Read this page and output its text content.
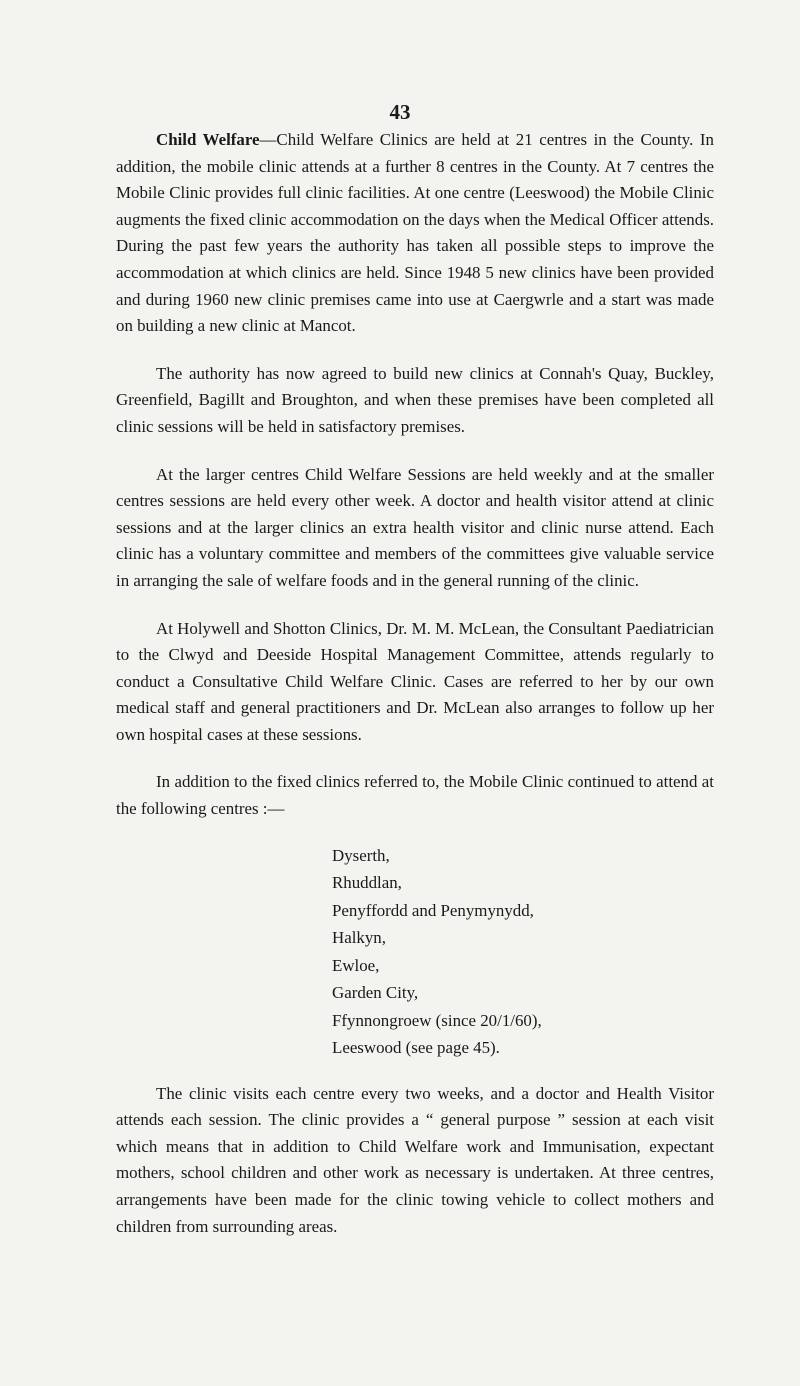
43

Child Welfare—Child Welfare Clinics are held at 21 centres in the County. In addition, the mobile clinic attends at a further 8 centres in the County. At 7 centres the Mobile Clinic provides full clinic facilities. At one centre (Leeswood) the Mobile Clinic augments the fixed clinic accommodation on the days when the Medical Officer attends. During the past few years the authority has taken all possible steps to improve the accommodation at which clinics are held. Since 1948 5 new clinics have been provided and during 1960 new clinic premises came into use at Caergwrle and a start was made on building a new clinic at Mancot.

The authority has now agreed to build new clinics at Connah's Quay, Buckley, Greenfield, Bagillt and Broughton, and when these premises have been completed all clinic sessions will be held in satisfactory premises.

At the larger centres Child Welfare Sessions are held weekly and at the smaller centres sessions are held every other week. A doctor and health visitor attend at clinic sessions and at the larger clinics an extra health visitor and clinic nurse attend. Each clinic has a voluntary committee and members of the committees give valuable service in arranging the sale of welfare foods and in the general running of the clinic.

At Holywell and Shotton Clinics, Dr. M. M. McLean, the Consultant Paediatrician to the Clwyd and Deeside Hospital Management Committee, attends regularly to conduct a Consultative Child Welfare Clinic. Cases are referred to her by our own medical staff and general practitioners and Dr. McLean also arranges to follow up her own hospital cases at these sessions.

In addition to the fixed clinics referred to, the Mobile Clinic continued to attend at the following centres :—

Dyserth,
Rhuddlan,
Penyffordd and Penymynydd,
Halkyn,
Ewloe,
Garden City,
Ffynnongroew (since 20/1/60),
Leeswood (see page 45).

The clinic visits each centre every two weeks, and a doctor and Health Visitor attends each session. The clinic provides a “ general purpose ” session at each visit which means that in addition to Child Welfare work and Immunisation, expectant mothers, school children and other work as necessary is undertaken. At three centres, arrangements have been made for the clinic towing vehicle to collect mothers and children from surrounding areas.
